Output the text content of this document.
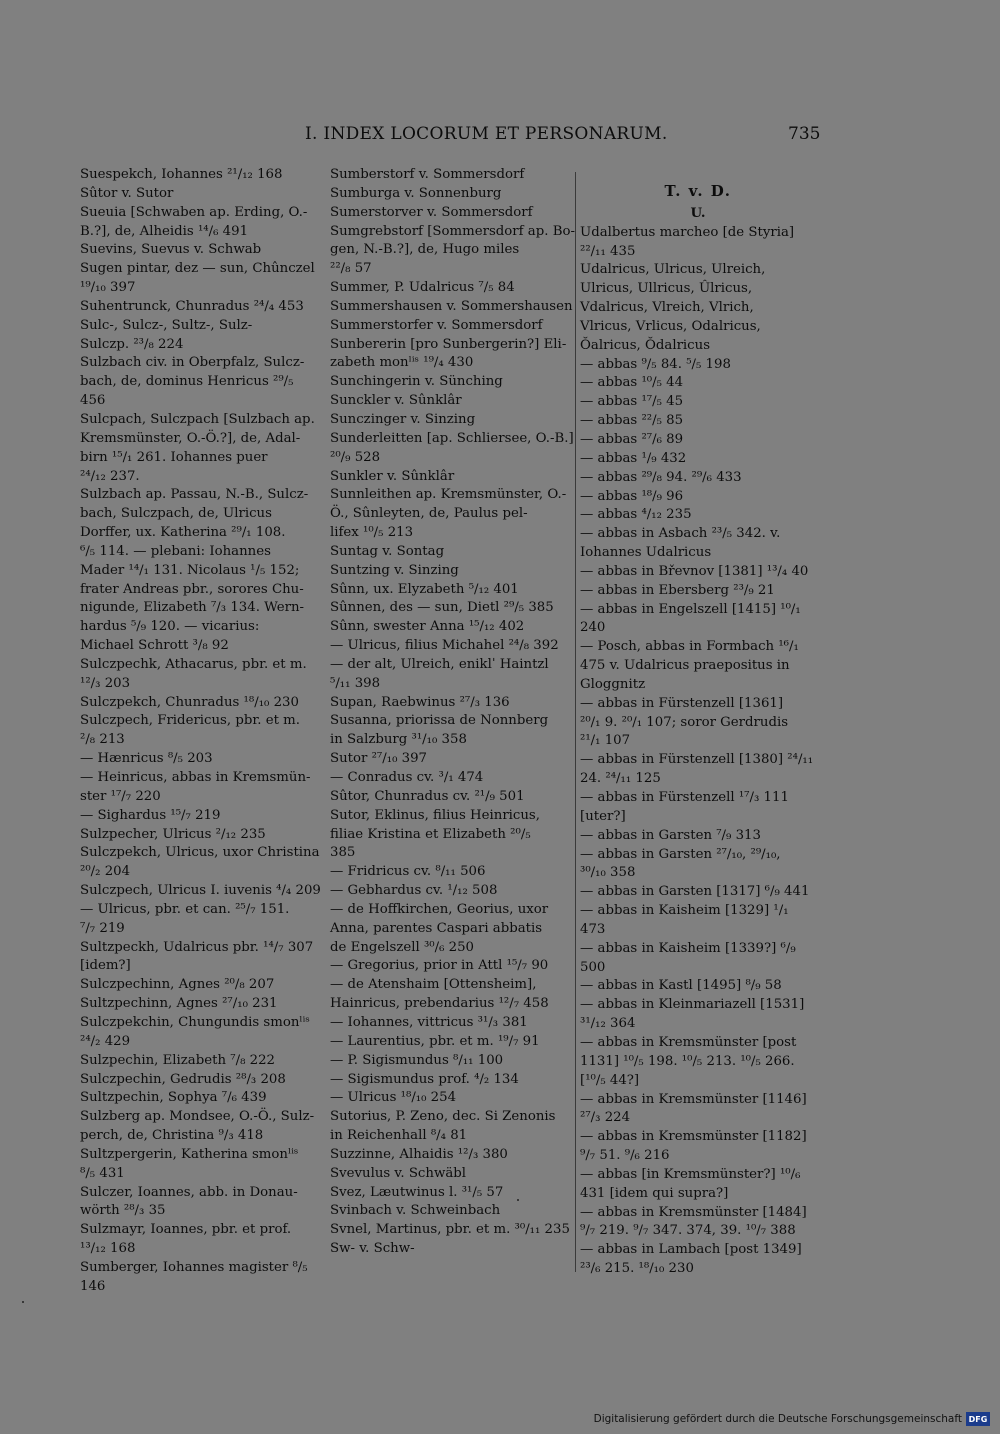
I. INDEX LOCORUM ET PERSONARUM.	735
Suespekch, Iohannes ²¹/₁₂ 168
Sûtor v. Sutor
Sueuia [Schwaben ap. Erding, O.-
B.?], de, Alheidis ¹⁴/₆ 491
Suevins, Suevus v. Schwab
Sugen pintar, dez — sun, Chûnczel
¹⁹/₁₀ 397
Suhentrunck, Chunradus ²⁴/₄ 453
Sulc-, Sulcz-, Sultz-, Sulz-
Sulczp. ²³/₈ 224
Sulzbach civ. in Oberpfalz, Sulcz-
bach, de, dominus Henricus ²⁹/₅
456
Sulcpach, Sulczpach [Sulzbach ap.
Kremsmünster, O.-Ö.?], de, Adal-
birn ¹⁵/₁ 261. Iohannes puer
²⁴/₁₂ 237.
Sulzbach ap. Passau, N.-B., Sulcz-
bach, Sulczpach, de, Ulricus
Dorffer, ux. Katherina ²⁹/₁ 108.
⁶/₅ 114. — plebani: Iohannes
Mader ¹⁴/₁ 131. Nicolaus ¹/₅ 152;
frater Andreas pbr., sorores Chu-
nigunde, Elizabeth ⁷/₃ 134. Wern-
hardus ⁵/₉ 120. — vicarius:
Michael Schrott ³/₈ 92
Sulczpechk, Athacarus, pbr. et m.
¹²/₃ 203
Sulczpekch, Chunradus ¹⁸/₁₀ 230
Sulczpech, Fridericus, pbr. et m.
²/₈ 213
— Hænricus ⁸/₅ 203
— Heinricus, abbas in Kremsmün-
ster ¹⁷/₇ 220
— Sighardus ¹⁵/₇ 219
Sulzpecher, Ulricus ²/₁₂ 235
Sulczpekch, Ulricus, uxor Christina
²⁰/₂ 204
Sulczpech, Ulricus I. iuvenis ⁴/₄ 209
— Ulricus, pbr. et can. ²⁵/₇ 151.
⁷/₇ 219
Sultzpeckh, Udalricus pbr. ¹⁴/₇ 307
[idem?]
Sulczpechinn, Agnes ²⁰/₈ 207
Sultzpechinn, Agnes ²⁷/₁₀ 231
Sulczpekchin, Chungundis smonˡⁱˢ
²⁴/₂ 429
Sulzpechin, Elizabeth ⁷/₈ 222
Sulczpechin, Gedrudis ²⁸/₃ 208
Sultzpechin, Sophya ⁷/₆ 439
Sulzberg ap. Mondsee, O.-Ö., Sulz-
perch, de, Christina ⁹/₃ 418
Sultzpergerin, Katherina smonˡⁱˢ
⁸/₅ 431
Sulczer, Ioannes, abb. in Donau-
wörth ²⁸/₃ 35
Sulzmayr, Ioannes, pbr. et prof.
¹³/₁₂ 168
Sumberger, Iohannes magister ⁸/₅
146
Sumberstorf v. Sommersdorf
Sumburga v. Sonnenburg
Sumerstorver v. Sommersdorf
Sumgrebstorf [Sommersdorf ap. Bo-
gen, N.-B.?], de, Hugo miles
²²/₈ 57
Summer, P. Udalricus ⁷/₅ 84
Summershausen v. Sommershausen
Summerstorfer v. Sommersdorf
Sunbererin [pro Sunbergerin?] Eli-
zabeth monˡⁱˢ ¹⁹/₄ 430
Sunchingerin v. Sünching
Sunckler v. Sûnklâr
Sunczinger v. Sinzing
Sunderleitten [ap. Schliersee, O.-B.]
²⁰/₉ 528
Sunkler v. Sûnklâr
Sunnleithen ap. Kremsmünster, O.-
Ö., Sûnleyten, de, Paulus pel-
lifex ¹⁰/₅ 213
Suntag v. Sontag
Suntzing v. Sinzing
Sûnn, ux. Elyzabeth ⁵/₁₂ 401
Sûnnen, des — sun, Dietl ²⁹/₅ 385
Sûnn, swester Anna ¹⁵/₁₂ 402
— Ulricus, filius Michahel ²⁴/₈ 392
— der alt, Ulreich, eniklˈ Haintzl
⁵/₁₁ 398
Supan, Raebwinus ²⁷/₃ 136
Susanna, priorissa de Nonnberg
in Salzburg ³¹/₁₀ 358
Sutor ²⁷/₁₀ 397
— Conradus cv. ³/₁ 474
Sûtor, Chunradus cv. ²¹/₉ 501
Sutor, Eklinus, filius Heinricus,
filiae Kristina et Elizabeth ²⁰/₅
385
— Fridricus cv. ⁸/₁₁ 506
— Gebhardus cv. ¹/₁₂ 508
— de Hoffkirchen, Georius, uxor
Anna, parentes Caspari abbatis
de Engelszell ³⁰/₆ 250
— Gregorius, prior in Attl ¹⁵/₇ 90
— de Atenshaim [Ottensheim],
Hainricus, prebendarius ¹²/₇ 458
— Iohannes, vittricus ³¹/₃ 381
— Laurentius, pbr. et m. ¹⁹/₇ 91
— P. Sigismundus ⁸/₁₁ 100
— Sigismundus prof. ⁴/₂ 134
— Ulricus ¹⁸/₁₀ 254
Sutorius, P. Zeno, dec. Si Zenonis
in Reichenhall ⁸/₄ 81
Suzzinne, Alhaidis ¹²/₃ 380
Svevulus v. Schwäbl
Svez, Læutwinus l. ³¹/₅ 57
Svinbach v. Schweinbach
Svnel, Martinus, pbr. et m. ³⁰/₁₁ 235
Sw- v. Schw-
T. v. D.
U.
Udalbertus marcheo [de Styria]
²²/₁₁ 435
Udalricus, Ulricus, Ulreich,
Ulricus, Ullricus, Ûlricus,
Vdalricus, Vlreich, Vlrich,
Vlricus, Vrlicus, Odalricus,
Ŏalricus, Ŏdalricus
— abbas ⁹/₅ 84. ⁵/₅ 198
— abbas ¹⁰/₅ 44
— abbas ¹⁷/₅ 45
— abbas ²²/₅ 85
— abbas ²⁷/₆ 89
— abbas ¹/₉ 432
— abbas ²⁹/₈ 94. ²⁹/₆ 433
— abbas ¹⁸/₉ 96
— abbas ⁴/₁₂ 235
— abbas in Asbach ²³/₅ 342. v.
Iohannes Udalricus
— abbas in Břevnov [1381] ¹³/₄ 40
— abbas in Ebersberg ²³/₉ 21
— abbas in Engelszell [1415] ¹⁰/₁
240
— Posch, abbas in Formbach ¹⁶/₁
475 v. Udalricus praepositus in
Gloggnitz
— abbas in Fürstenzell [1361]
²⁰/₁ 9. ²⁰/₁ 107; soror Gerdrudis
²¹/₁ 107
— abbas in Fürstenzell [1380] ²⁴/₁₁
24. ²⁴/₁₁ 125
— abbas in Fürstenzell ¹⁷/₃ 111
[uter?]
— abbas in Garsten ⁷/₉ 313
— abbas in Garsten ²⁷/₁₀, ²⁹/₁₀,
³⁰/₁₀ 358
— abbas in Garsten [1317] ⁶/₉ 441
— abbas in Kaisheim [1329] ¹/₁
473
— abbas in Kaisheim [1339?] ⁶/₉
500
— abbas in Kastl [1495] ⁸/₉ 58
— abbas in Kleinmariazell [1531]
³¹/₁₂ 364
— abbas in Kremsmünster [post
1131] ¹⁰/₅ 198. ¹⁰/₅ 213. ¹⁰/₅ 266.
[¹⁰/₅ 44?]
— abbas in Kremsmünster [1146]
²⁷/₃ 224
— abbas in Kremsmünster [1182]
⁹/₇ 51. ⁹/₆ 216
— abbas [in Kremsmünster?] ¹⁰/₆
431 [idem qui supra?]
— abbas in Kremsmünster [1484]
⁹/₇ 219. ⁹/₇ 347. 374, 39. ¹⁰/₇ 388
— abbas in Lambach [post 1349]
²³/₆ 215. ¹⁸/₁₀ 230
Digitalisierung gefördert durch die Deutsche Forschungsgemeinschaft DFG
